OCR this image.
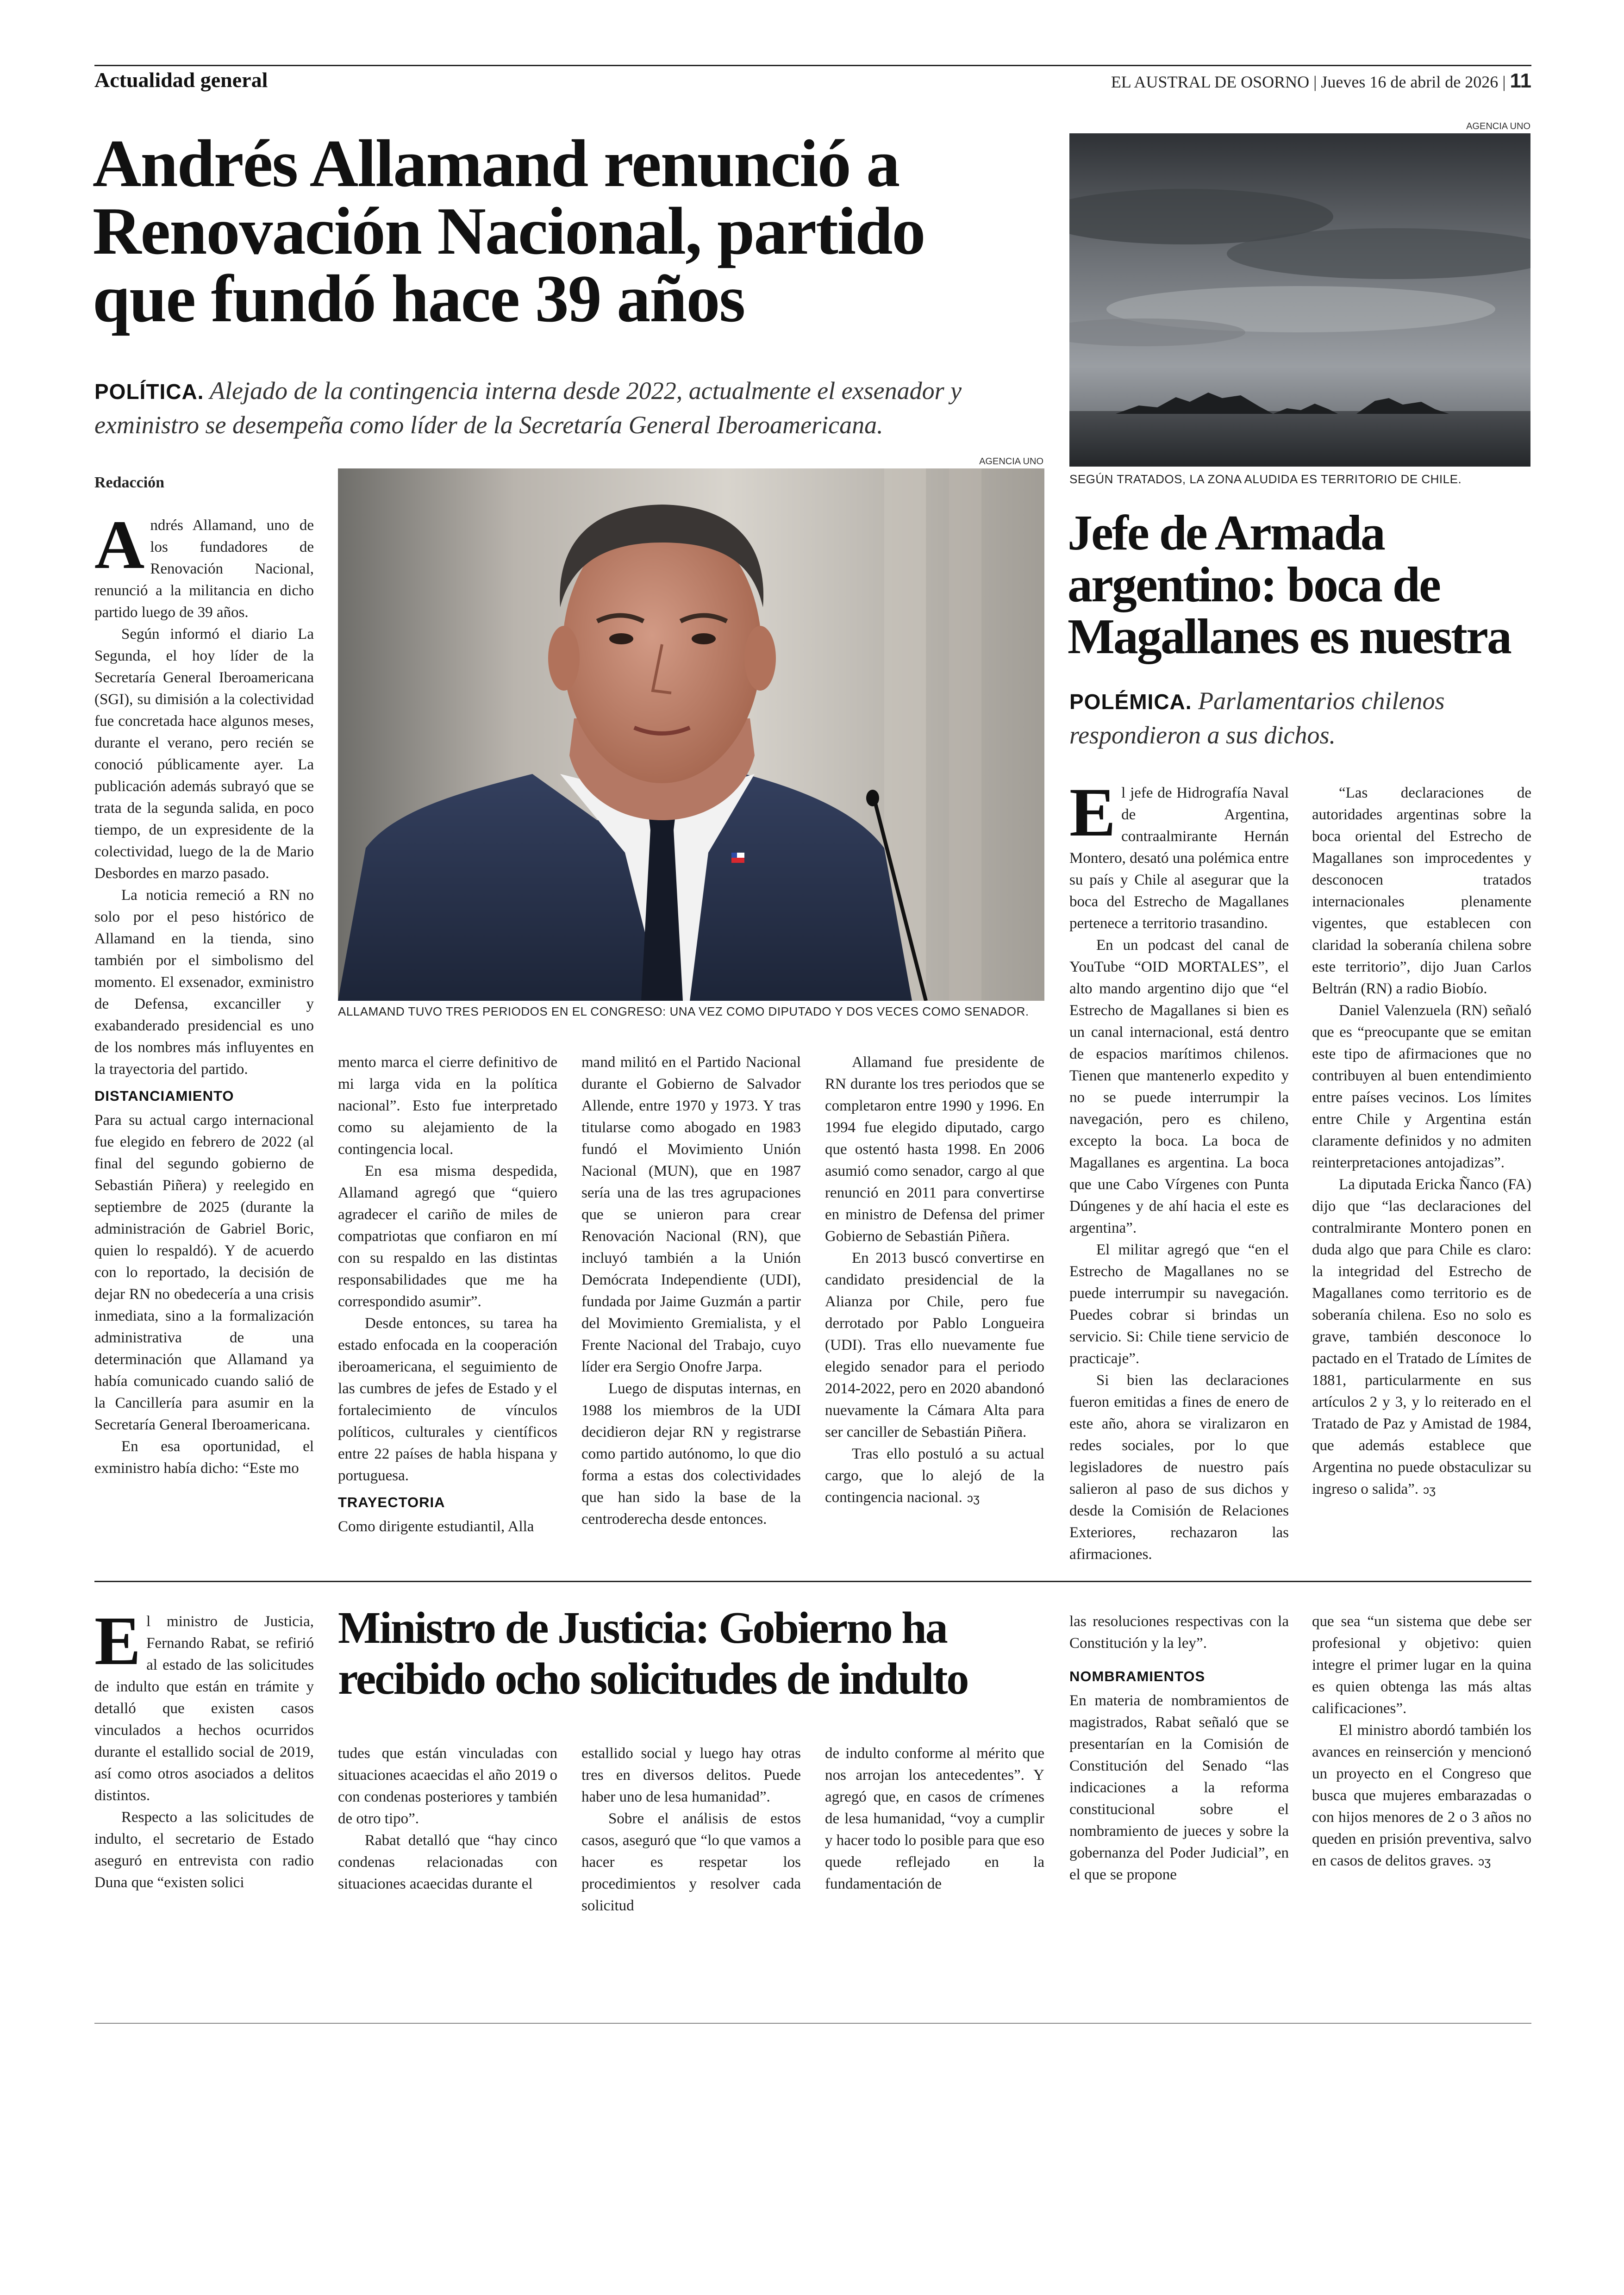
Actualidad general	EL AUSTRAL DE OSORNO | Jueves 16 de abril de 2026 | 11
Andrés Allamand renunció a
Renovación Nacional, partido
que fundó hace 39 años
POLÍTICA. Alejado de la contingencia interna desde 2022, actualmente el exsenador y exministro se desempeña como líder de la Secretaría General Iberoamericana.
Redacción
AGENCIA UNO
ALLAMAND TUVO TRES PERIODOS EN EL CONGRESO: UNA VEZ COMO DIPUTADO Y DOS VECES COMO SENADOR.

Andrés Allamand, uno de los fundadores de Renovación Nacional, renunció a la militancia en dicho partido luego de 39 años.

Según informó el diario La Segunda, el hoy líder de la Secretaría General Iberoamericana (SGI), su dimisión a la colectividad fue concretada hace algunos meses, durante el verano, pero recién se conoció públicamente ayer. La publicación además subrayó que se trata de la segunda salida, en poco tiempo, de un expresidente de la colectividad, luego de la de Mario Desbordes en marzo pasado.

La noticia remeció a RN no solo por el peso histórico de Allamand en la tienda, sino también por el simbolismo del momento. El exsenador, exministro de Defensa, excanciller y exabanderado presidencial es uno de los nombres más influyentes en la trayectoria del partido.

DISTANCIAMIENTO

Para su actual cargo internacional fue elegido en febrero de 2022 (al final del segundo gobierno de Sebastián Piñera) y reelegido en septiembre de 2025 (durante la administración de Gabriel Boric, quien lo respaldó). Y de acuerdo con lo reportado, la decisión de dejar RN no obedecería a una crisis inmediata, sino a la formalización administrativa de una determinación que Allamand ya había comunicado cuando salió de la Cancillería para asumir en la Secretaría General Iberoamericana.

En esa oportunidad, el exministro había dicho: “Este mo

mento marca el cierre definitivo de mi larga vida en la política nacional”. Esto fue interpretado como su alejamiento de la contingencia local.

En esa misma despedida, Allamand agregó que “quiero agradecer el cariño de miles de compatriotas que confiaron en mí con su respaldo en las distintas responsabilidades que me ha correspondido asumir”.

Desde entonces, su tarea ha estado enfocada en la cooperación iberoamericana, el seguimiento de las cumbres de jefes de Estado y el fortalecimiento de vínculos políticos, culturales y científicos entre 22 países de habla hispana y portuguesa.

TRAYECTORIA

Como dirigente estudiantil, Alla

mand militó en el Partido Nacional durante el Gobierno de Salvador Allende, entre 1970 y 1973. Y tras titularse como abogado en 1983 fundó el Movimiento Unión Nacional (MUN), que en 1987 sería una de las tres agrupaciones que se unieron para crear Renovación Nacional (RN), que incluyó también a la Unión Demócrata Independiente (UDI), fundada por Jaime Guzmán a partir del Movimiento Gremialista, y el Frente Nacional del Trabajo, cuyo líder era Sergio Onofre Jarpa.

Luego de disputas internas, en 1988 los miembros de la UDI decidieron dejar RN y registrarse como partido autónomo, lo que dio forma a estas dos colectividades que han sido la base de la centroderecha desde entonces.

Allamand fue presidente de RN durante los tres periodos que se completaron entre 1990 y 1996. En 1994 fue elegido diputado, cargo que ostentó hasta 1998. En 2006 asumió como senador, cargo al que renunció en 2011 para convertirse en ministro de Defensa del primer Gobierno de Sebastián Piñera.

En 2013 buscó convertirse en candidato presidencial de la Alianza por Chile, pero fue derrotado por Pablo Longueira (UDI). Tras ello nuevamente fue elegido senador para el periodo 2014-2022, pero en 2020 abandonó nuevamente la Cámara Alta para ser canciller de Sebastián Piñera.

Tras ello postuló a su actual cargo, que lo alejó de la contingencia nacional. ↄʒ

AGENCIA UNO
SEGÚN TRATADOS, LA ZONA ALUDIDA ES TERRITORIO DE CHILE.
Jefe de Armada
argentino: boca de
Magallanes es nuestra
POLÉMICA. Parlamentarios chilenos respondieron a sus dichos.

El jefe de Hidrografía Naval de Argentina, contraalmirante Hernán Montero, desató una polémica entre su país y Chile al asegurar que la boca del Estrecho de Magallanes pertenece a territorio trasandino.

En un podcast del canal de YouTube “OID MORTALES”, el alto mando argentino dijo que “el Estrecho de Magallanes si bien es un canal internacional, está dentro de espacios marítimos chilenos. Tienen que mantenerlo expedito y no se puede interrumpir la navegación, pero es chileno, excepto la boca. La boca de Magallanes es argentina. La boca que une Cabo Vírgenes con Punta Dúngenes y de ahí hacia el este es argentina”.

El militar agregó que “en el Estrecho de Magallanes no se puede interrumpir su navegación. Puedes cobrar si brindas un servicio. Si: Chile tiene servicio de practicaje”.

Si bien las declaraciones fueron emitidas a fines de enero de este año, ahora se viralizaron en redes sociales, por lo que legisladores de nuestro país salieron al paso de sus dichos y desde la Comisión de Relaciones Exteriores, rechazaron las afirmaciones.

“Las declaraciones de autoridades argentinas sobre la boca oriental del Estrecho de Magallanes son improcedentes y desconocen tratados internacionales plenamente vigentes, que establecen con claridad la soberanía chilena sobre este territorio”, dijo Juan Carlos Beltrán (RN) a radio Biobío.

Daniel Valenzuela (RN) señaló que es “preocupante que se emitan este tipo de afirmaciones que no contribuyen al buen entendimiento entre países vecinos. Los límites entre Chile y Argentina están claramente definidos y no admiten reinterpretaciones antojadizas”.

La diputada Ericka Ñanco (FA) dijo que “las declaraciones del contralmirante Montero ponen en duda algo que para Chile es claro: la integridad del Estrecho de Magallanes como territorio es de soberanía chilena. Eso no solo es grave, también desconoce lo pactado en el Tratado de Límites de 1881, particularmente en sus artículos 2 y 3, y lo reiterado en el Tratado de Paz y Amistad de 1984, que además establece que Argentina no puede obstaculizar su ingreso o salida”. ↄʒ

El ministro de Justicia, Fernando Rabat, se refirió al estado de las solicitudes de indulto que están en trámite y detalló que existen casos vinculados a hechos ocurridos durante el estallido social de 2019, así como otros asociados a delitos distintos.

Respecto a las solicitudes de indulto, el secretario de Estado aseguró en entrevista con radio Duna que “existen solici

Ministro de Justicia: Gobierno ha
recibido ocho solicitudes de indulto

tudes que están vinculadas con situaciones acaecidas el año 2019 o con condenas posteriores y también de otro tipo”.

Rabat detalló que “hay cinco condenas relacionadas con situaciones acaecidas durante el

estallido social y luego hay otras tres en diversos delitos. Puede haber uno de lesa humanidad”.

Sobre el análisis de estos casos, aseguró que “lo que vamos a hacer es respetar los procedimientos y resolver cada solicitud

de indulto conforme al mérito que nos arrojan los antecedentes”. Y agregó que, en casos de crímenes de lesa humanidad, “voy a cumplir y hacer todo lo posible para que eso quede reflejado en la fundamentación de

las resoluciones respectivas con la Constitución y la ley”.

NOMBRAMIENTOS

En materia de nombramientos de magistrados, Rabat señaló que se presentarían en la Comisión de Constitución del Senado “las indicaciones a la reforma constitucional sobre el nombramiento de jueces y sobre la gobernanza del Poder Judicial”, en el que se propone

que sea “un sistema que debe ser profesional y objetivo: quien integre el primer lugar en la quina es quien obtenga las más altas calificaciones”.

El ministro abordó también los avances en reinserción y mencionó un proyecto en el Congreso que busca que mujeres embarazadas o con hijos menores de 2 o 3 años no queden en prisión preventiva, salvo en casos de delitos graves. ↄʒ
